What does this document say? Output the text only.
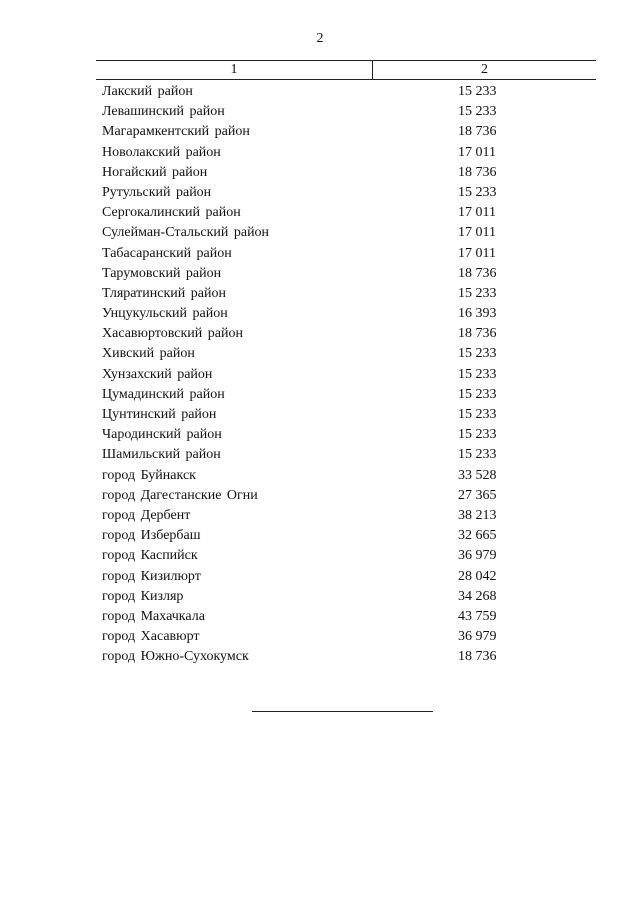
2
1	2
Лакский район	15 233
Левашинский район	15 233
Магарамкентский район	18 736
Новолакский район	17 011
Ногайский район	18 736
Рутульский район	15 233
Сергокалинский район	17 011
Сулейман-Стальский район	17 011
Табасаранский район	17 011
Тарумовский район	18 736
Тляратинский район	15 233
Унцукульский район	16 393
Хасавюртовский район	18 736
Хивский район	15 233
Хунзахский район	15 233
Цумадинский район	15 233
Цунтинский район	15 233
Чародинский район	15 233
Шамильский район	15 233
город Буйнакск	33 528
город Дагестанские Огни	27 365
город Дербент	38 213
город Избербаш	32 665
город Каспийск	36 979
город Кизилюрт	28 042
город Кизляр	34 268
город Махачкала	43 759
город Хасавюрт	36 979
город Южно-Сухокумск	18 736
